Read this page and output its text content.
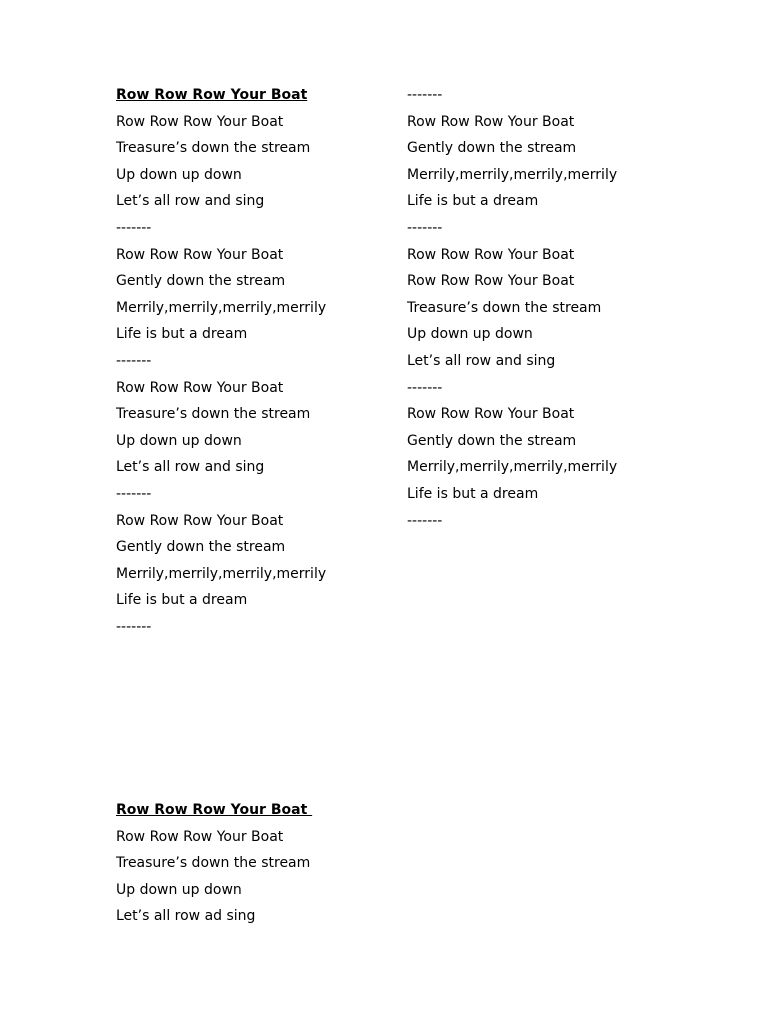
Row Row Row Your Boat
Row Row Row Your Boat
Treasure’s down the stream
Up down up down
Let’s all row and sing
-------
Row Row Row Your Boat
Gently down the stream
Merrily,merrily,merrily,merrily
Life is but a dream
-------
Row Row Row Your Boat
Treasure’s down the stream
Up down up down
Let’s all row and sing
-------
Row Row Row Your Boat
Gently down the stream
Merrily,merrily,merrily,merrily
Life is but a dream
-------
-------
Row Row Row Your Boat
Gently down the stream
Merrily,merrily,merrily,merrily
Life is but a dream
-------
Row Row Row Your Boat
Row Row Row Your Boat
Treasure’s down the stream
Up down up down
Let’s all row and sing
-------
Row Row Row Your Boat
Gently down the stream
Merrily,merrily,merrily,merrily
Life is but a dream
-------
Row Row Row Your Boat
Row Row Row Your Boat
Treasure’s down the stream
Up down up down
Let’s all row ad sing
